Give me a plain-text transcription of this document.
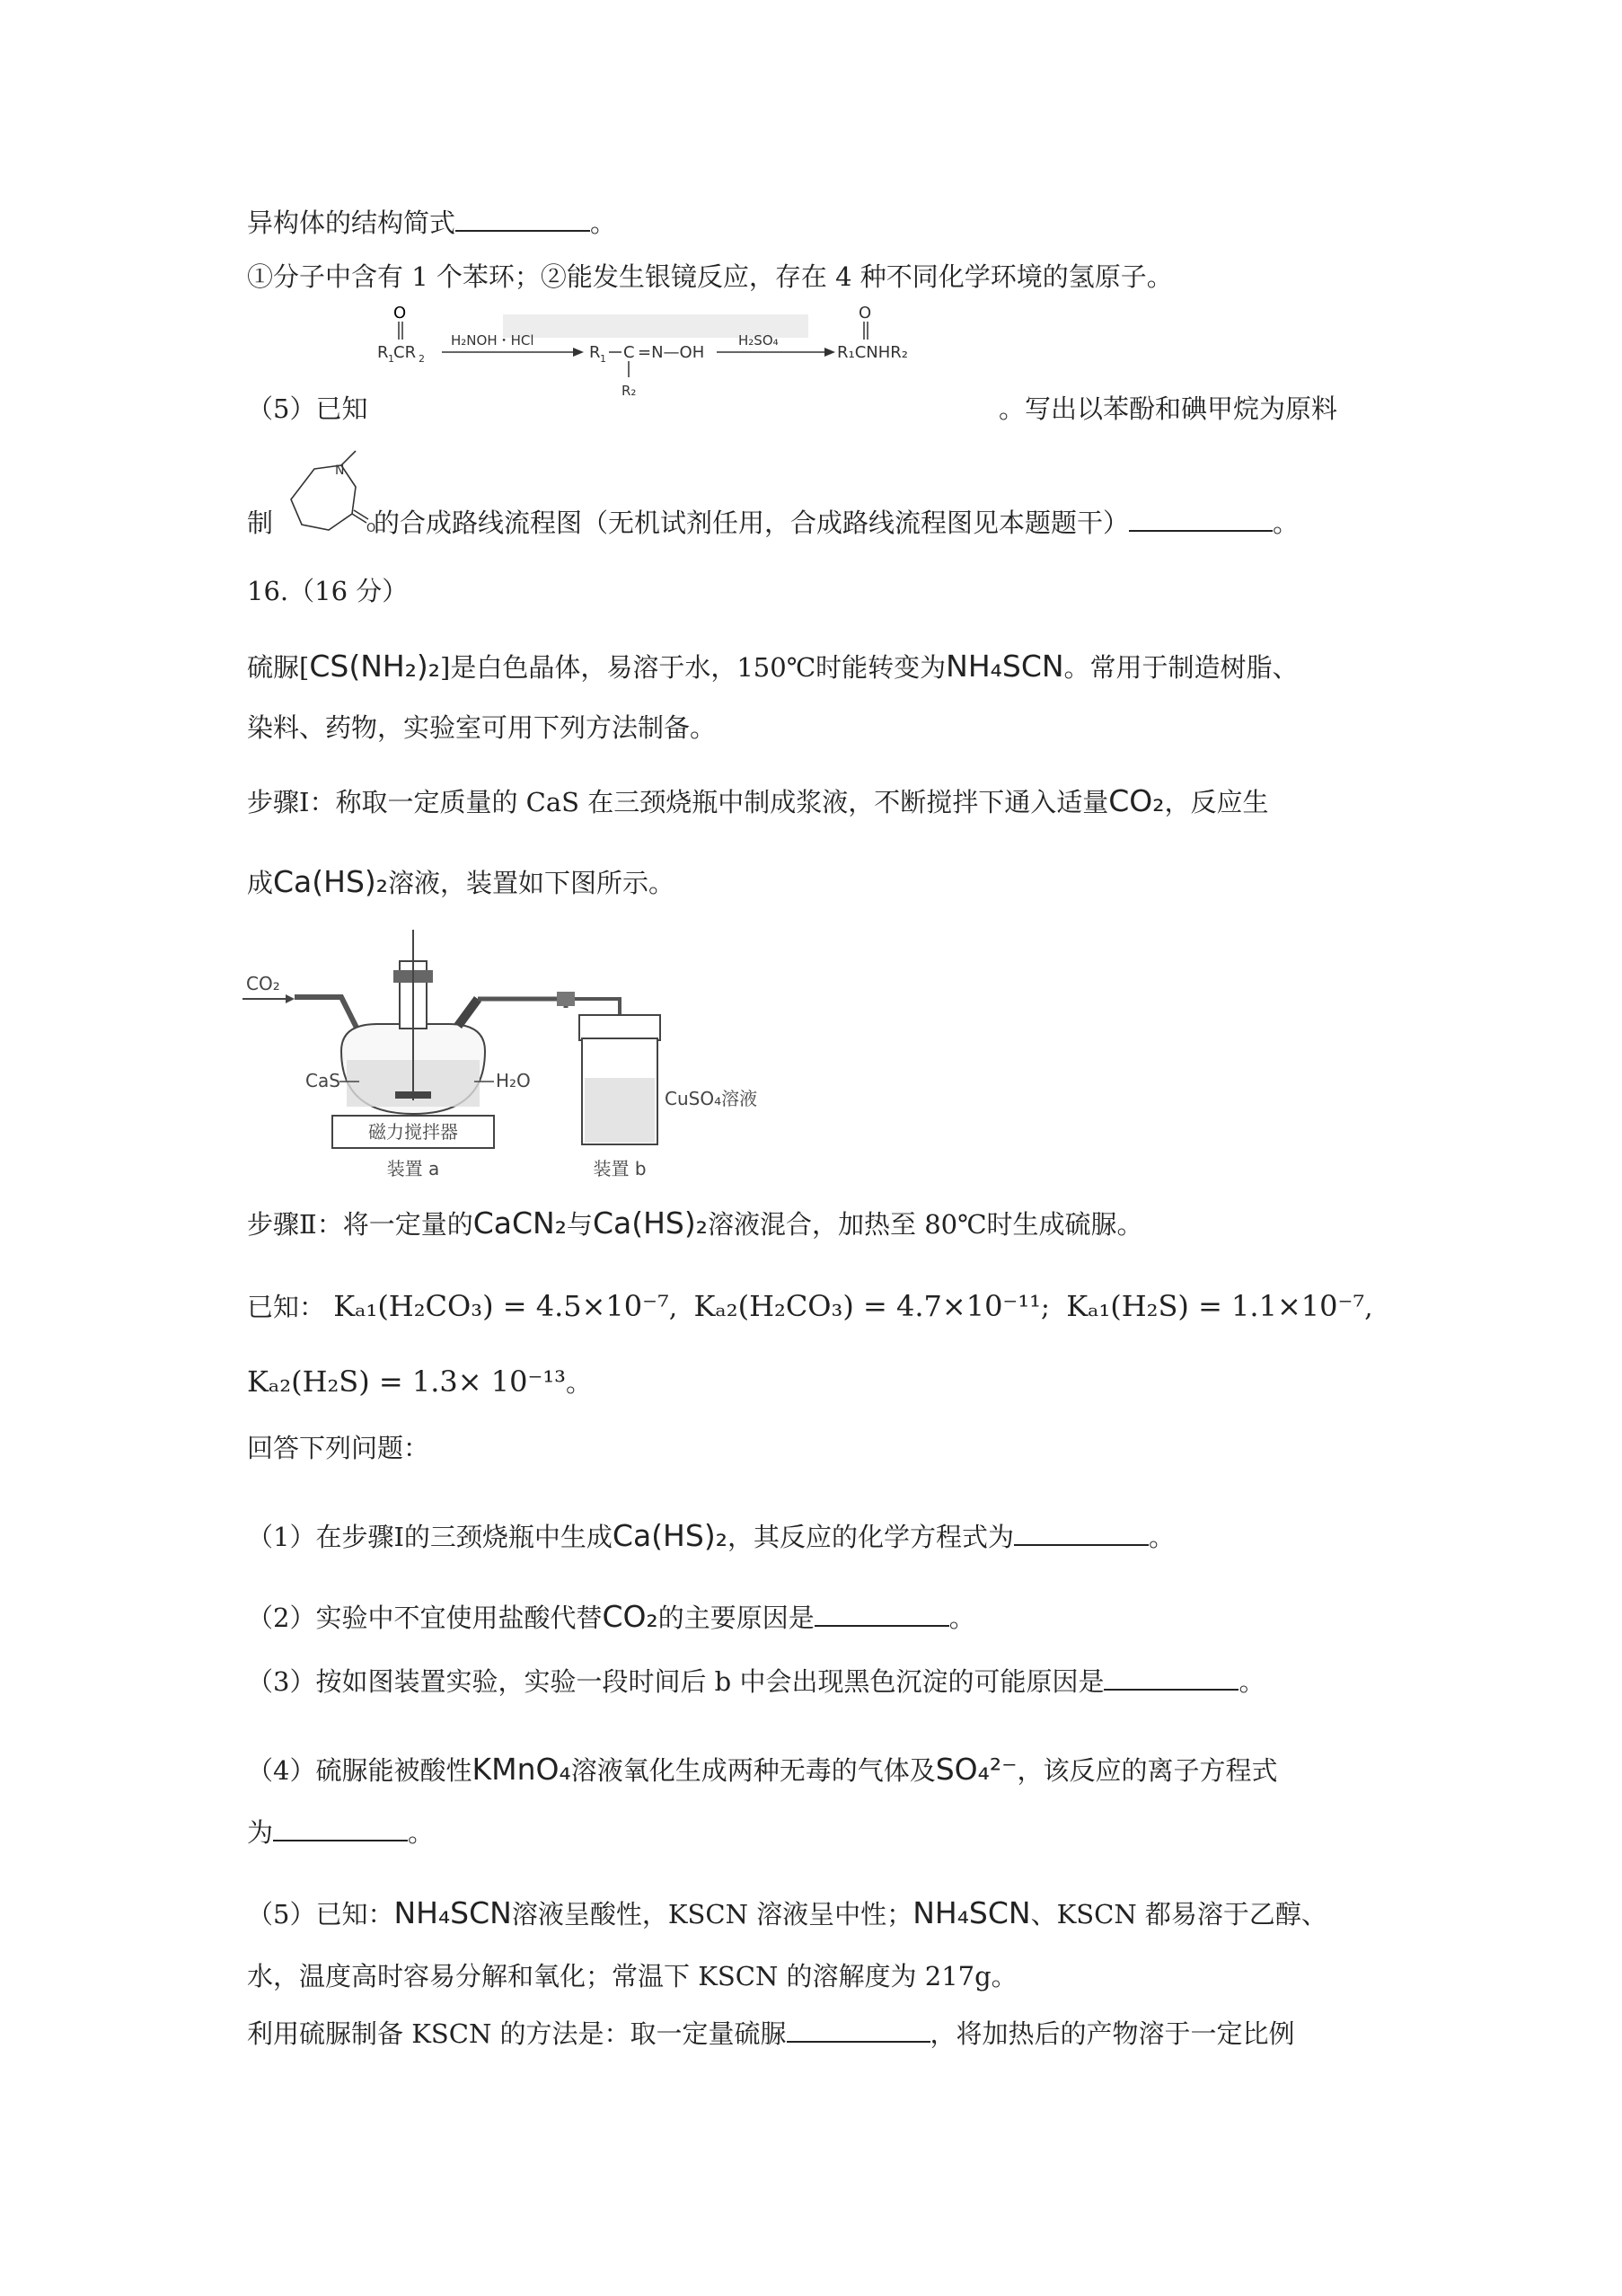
异构体的结构简式	。
①分子中含有 1 个苯环；②能发生银镜反应，存在 4 种不同化学环境的氢原子。
（5）已知
O
R 1 CR 2
H₂NOH・HCl
R 1 C
R₂
=N—OH
H₂SO₄
O
R₁CNHR₂
。写出以苯酚和碘甲烷为原料
制
N
O
的合成路线流程图（无机试剂任用，合成路线流程图见本题题干）	。
16.（16 分）
硫脲[CS(NH₂)₂]是白色晶体，易溶于水，150℃时能转变为NH₄SCN。常用于制造树脂、
染料、药物，实验室可用下列方法制备。
步骤Ⅰ：称取一定质量的 CaS 在三颈烧瓶中制成浆液，不断搅拌下通入适量CO₂，反应生
成Ca(HS)₂溶液，装置如下图所示。
CO₂
磁力搅拌器
CaS	H₂O
装置 a
CuSO₄溶液
装置 b
步骤Ⅱ：将一定量的CaCN₂与Ca(HS)₂溶液混合，加热至 80℃时生成硫脲。
已知： Kₐ₁(H₂CO₃) = 4.5×10⁻⁷,  Kₐ₂(H₂CO₃) = 4.7×10⁻¹¹;  Kₐ₁(H₂S) = 1.1×10⁻⁷,
Kₐ₂(H₂S) = 1.3× 10⁻¹³。
回答下列问题：
（1）在步骤Ⅰ的三颈烧瓶中生成Ca(HS)₂，其反应的化学方程式为	。
（2）实验中不宜使用盐酸代替CO₂的主要原因是	。
（3）按如图装置实验，实验一段时间后 b 中会出现黑色沉淀的可能原因是	。
（4）硫脲能被酸性KMnO₄溶液氧化生成两种无毒的气体及SO₄²⁻，该反应的离子方程式
为	。
（5）已知：NH₄SCN溶液呈酸性，KSCN 溶液呈中性；NH₄SCN、KSCN 都易溶于乙醇、
水，温度高时容易分解和氧化；常温下 KSCN 的溶解度为 217g。
利用硫脲制备 KSCN 的方法是：取一定量硫脲	，将加热后的产物溶于一定比例
